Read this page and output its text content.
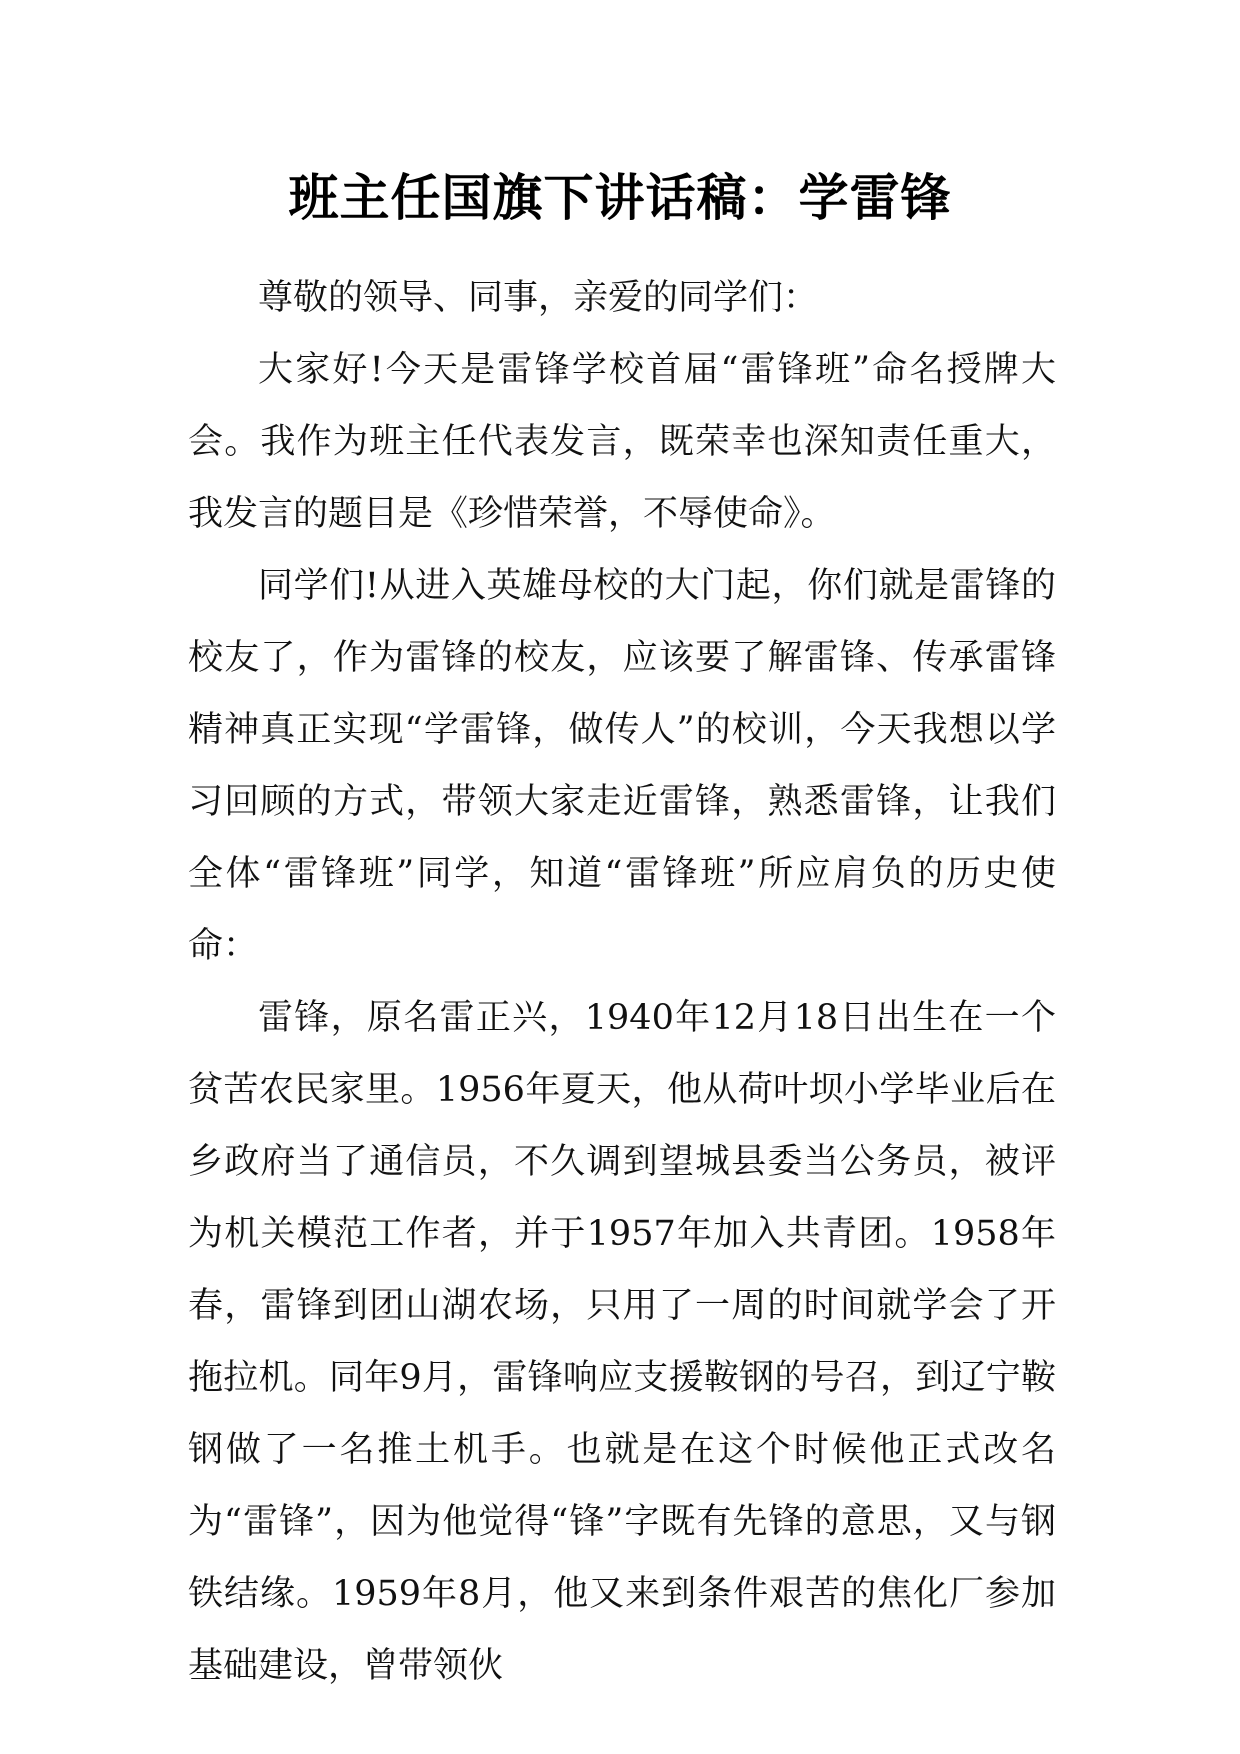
班主任国旗下讲话稿：学雷锋

尊敬的领导、同事，亲爱的同学们：

大家好!今天是雷锋学校首届“雷锋班”命名授牌大会。我作为班主任代表发言，既荣幸也深知责任重大，我发言的题目是《珍惜荣誉，不辱使命》。

同学们!从进入英雄母校的大门起，你们就是雷锋的校友了，作为雷锋的校友，应该要了解雷锋、传承雷锋精神真正实现“学雷锋，做传人”的校训，今天我想以学习回顾的方式，带领大家走近雷锋，熟悉雷锋，让我们全体“雷锋班”同学，知道“雷锋班”所应肩负的历史使命：

雷锋，原名雷正兴，1940年12月18日出生在一个贫苦农民家里。1956年夏天，他从荷叶坝小学毕业后在乡政府当了通信员，不久调到望城县委当公务员，被评为机关模范工作者，并于1957年加入共青团。1958年春，雷锋到团山湖农场，只用了一周的时间就学会了开拖拉机。同年9月，雷锋响应支援鞍钢的号召，到辽宁鞍钢做了一名推土机手。也就是在这个时候他正式改名为“雷锋”，因为他觉得“锋”字既有先锋的意思，又与钢铁结缘。1959年8月，他又来到条件艰苦的焦化厂参加基础建设，曾带领伙
